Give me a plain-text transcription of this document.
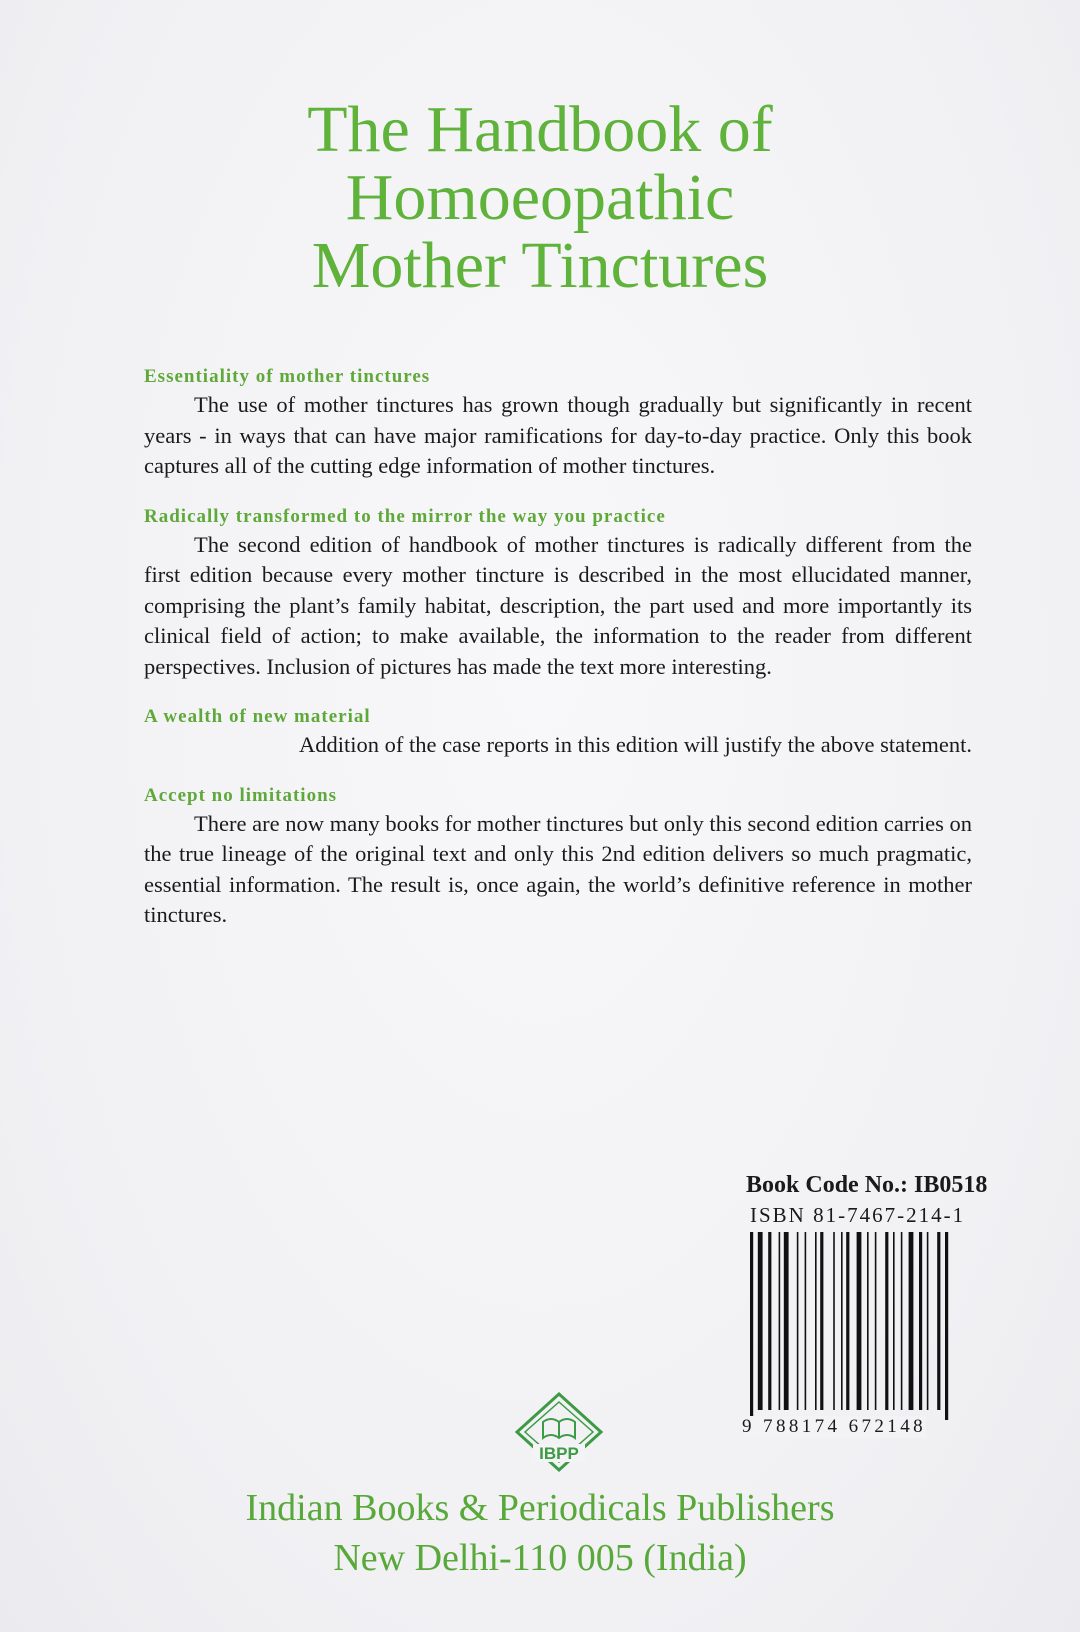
The Handbook of
Homoeopathic
Mother Tinctures
Essentiality of mother tinctures
The use of mother tinctures has grown though gradually but significantly in recent years - in ways that can have major ramifications for day-to-day practice. Only this book captures all of the cutting edge information of mother tinctures.
Radically transformed to the mirror the way you practice
The second edition of handbook of mother tinctures is radically different from the first edition because every mother tincture is described in the most ellucidated manner, comprising the plant’s family habitat, description, the part used and more importantly its clinical field of action; to make available, the information to the reader from different perspectives. Inclusion of pictures has made the text more interesting.
A wealth of new material
Addition of the case reports in this edition will justify the above statement.
Accept no limitations
There are now many books for mother tinctures but only this second edition carries on the true lineage of the original text and only this 2nd edition delivers so much pragmatic, essential information. The result is, once again, the world’s definitive reference in mother tinctures.
Book Code No.: IB0518
ISBN 81-7467-214-1
9 788174 672148
IBPP
Indian Books & Periodicals Publishers
New Delhi-110 005 (India)
